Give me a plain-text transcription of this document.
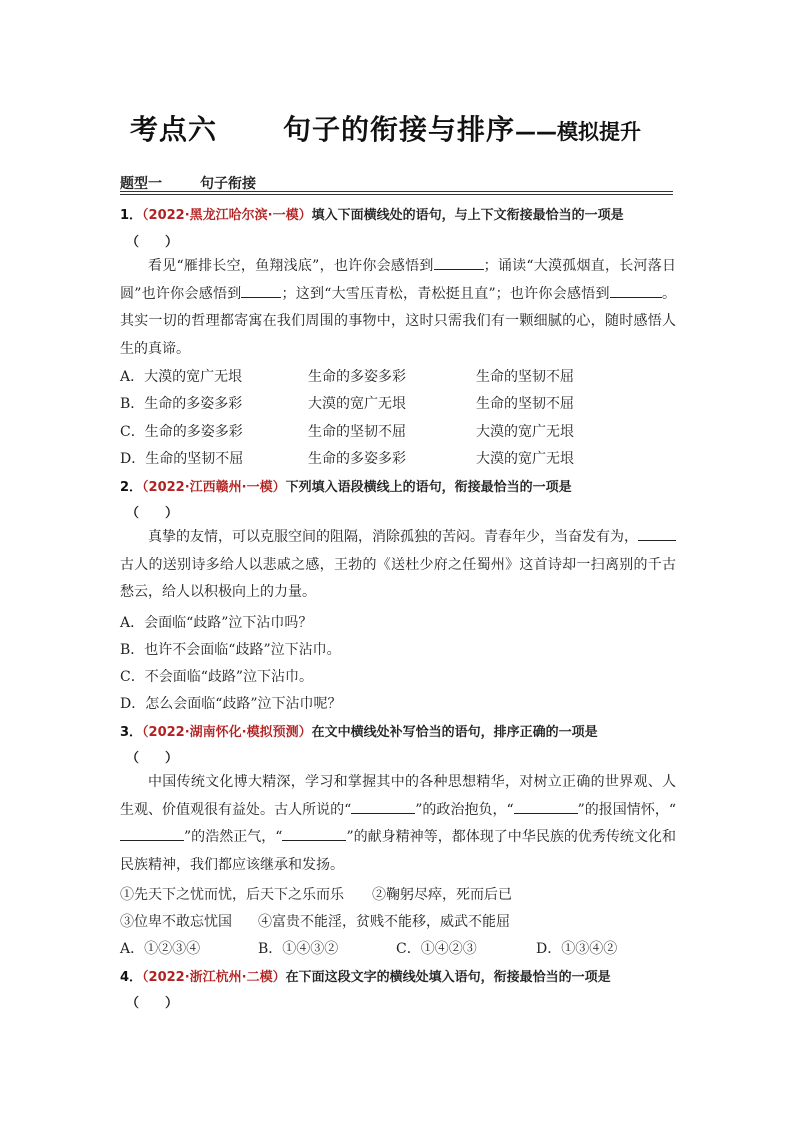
考点六 句子的衔接与排序——模拟提升
题型一	句子衔接
1．（2022·黑龙江哈尔滨·一模）填入下面横线处的语句，与上下文衔接最恰当的一项是
（　　）
看见“雁排长空，鱼翔浅底”，也许你会感悟到	；诵读“大漠孤烟直，长河落日圆”也许你会感悟到	；这到“大雪压青松，青松挺且直”；也许你会感悟到	。其实一切的哲理都寄寓在我们周围的事物中，这时只需我们有一颗细腻的心，随时感悟人生的真谛。
A．大漠的宽广无垠	生命的多姿多彩	生命的坚韧不屈
B．生命的多姿多彩	大漠的宽广无垠	生命的坚韧不屈
C．生命的多姿多彩	生命的坚韧不屈	大漠的宽广无垠
D．生命的坚韧不屈	生命的多姿多彩	大漠的宽广无垠
2．（2022·江西赣州·一模）下列填入语段横线上的语句，衔接最恰当的一项是
（　　）
真挚的友情，可以克服空间的阻隔，消除孤独的苦闷。青春年少，当奋发有为，古人的送别诗多给人以悲戚之感，王勃的《送杜少府之任蜀州》这首诗却一扫离别的千古愁云，给人以积极向上的力量。
A．会面临“歧路”泣下沾巾吗？
B．也许不会面临“歧路”泣下沾巾。
C．不会面临“歧路”泣下沾巾。
D．怎么会面临“歧路”泣下沾巾呢？
3．（2022·湖南怀化·模拟预测）在文中横线处补写恰当的语句，排序正确的一项是
（　　）
中国传统文化博大精深，学习和掌握其中的各种思想精华，对树立正确的世界观、人生观、价值观很有益处。古人所说的“	”的政治抱负，“	”的报国情怀，“”的浩然正气，“	”的献身精神等，都体现了中华民族的优秀传统文化和民族精神，我们都应该继承和发扬。
①先天下之忧而忧，后天下之乐而乐 ②鞠躬尽瘁，死而后已
③位卑不敢忘忧国 ④富贵不能淫，贫贱不能移，威武不能屈
A．①②③④	B．①④③②	C．①④②③	D．①③④②
4．（2022·浙江杭州·二模）在下面这段文字的横线处填入语句，衔接最恰当的一项是
（　　）
